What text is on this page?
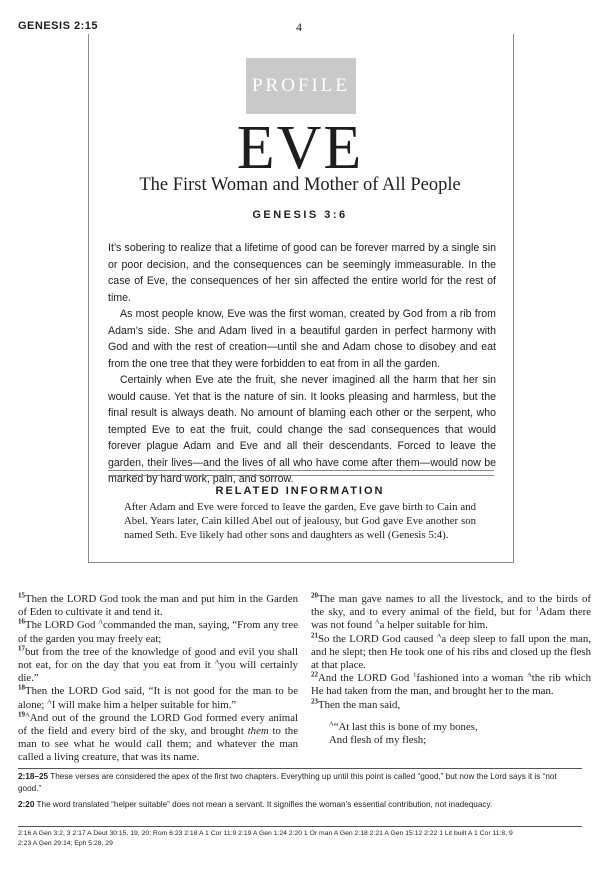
GENESIS 2:15	4
PROFILE
EVE
The First Woman and Mother of All People
GENESIS 3:6

It’s sobering to realize that a lifetime of good can be forever marred by a single sin or poor decision, and the consequences can be seemingly immeasurable. In the case of Eve, the consequences of her sin affected the entire world for the rest of time.

As most people know, Eve was the first woman, created by God from a rib from Adam’s side. She and Adam lived in a beautiful garden in perfect harmony with God and with the rest of creation—until she and Adam chose to disobey and eat from the one tree that they were forbidden to eat from in all the garden.

Certainly when Eve ate the fruit, she never imagined all the harm that her sin would cause. Yet that is the nature of sin. It looks pleasing and harmless, but the final result is always death. No amount of blaming each other or the serpent, who tempted Eve to eat the fruit, could change the sad consequences that would forever plague Adam and Eve and all their descendants. Forced to leave the garden, their lives—and the lives of all who have come after them—would now be marked by hard work, pain, and sorrow.

RELATED INFORMATION
After Adam and Eve were forced to leave the garden, Eve gave birth to Cain and Abel. Years later, Cain killed Abel out of jealousy, but God gave Eve another son named Seth. Eve likely had other sons and daughters as well (Genesis 5:4).

$^{15}$Then the LORD God took the man and put him in the Garden of Eden to cultivate it and tend it.

$^{16}$The LORD God $^A$commanded the man, saying, “From any tree of the garden you may freely eat;

$^{17}$but from the tree of the knowledge of good and evil you shall not eat, for on the day that you eat from it $^A$you will certainly die.”

$^{18}$Then the LORD God said, “It is not good for the man to be alone; $^A$I will make him a helper suitable for him.”

$^{19A}$And out of the ground the LORD God formed every animal of the field and every bird of the sky, and brought them to the man to see what he would call them; and whatever the man called a living creature, that was its name.

$^{20}$The man gave names to all the livestock, and to the birds of the sky, and to every animal of the field, but for $^1$Adam there was not found $^A$a helper suitable for him.

$^{21}$So the LORD God caused $^A$a deep sleep to fall upon the man, and he slept; then He took one of his ribs and closed up the flesh at that place.

$^{22}$And the LORD God $^1$fashioned into a woman $^A$the rib which He had taken from the man, and brought her to the man.

$^{23}$Then the man said,

$^A$“At last this is bone of my bones,

And flesh of my flesh;

2:18–25 These verses are considered the apex of the first two chapters. Everything up until this point is called “good,” but now the Lord says it is “not good.”

2:20 The word translated “helper suitable” does not mean a servant. It signifies the woman’s essential contribution, not inadequacy.

2:16 A Gen 3:2, 3 2:17 A Deut 30:15, 19, 20; Rom 6:23 2:18 A 1 Cor 11:9 2:19 A Gen 1:24 2:20 1 Or man A Gen 2:18 2:21 A Gen 15:12 2:22 1 Lit built A 1 Cor 11:8, 9
2:23 A Gen 29:14; Eph 5:28, 29
